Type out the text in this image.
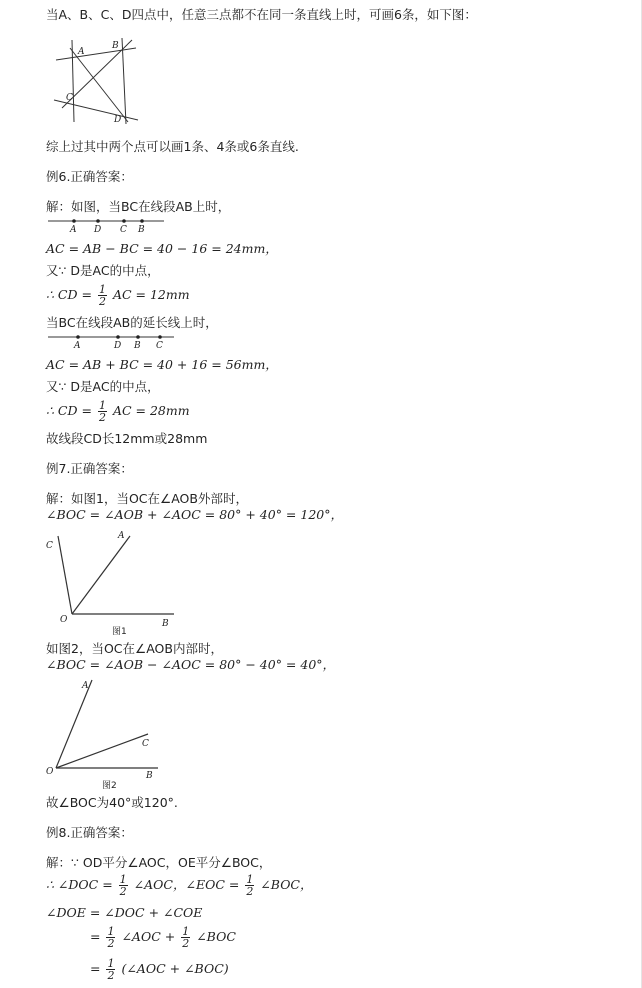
当A、B、C、D四点中，任意三点都不在同一条直线上时，可画6条，如下图：
A
B
C
D
综上过其中两个点可以画1条、4条或6条直线.
例6.正确答案：
解：如图，当BC在线段AB上时，
A D C B
AC = AB − BC = 40 − 16 = 24mm，
又∵ D是AC的中点，
∴ CD = $\frac{1}{2}$ AC = 12mm
当BC在线段AB的延长线上时，
A	D B C
AC = AB + BC = 40 + 16 = 56mm，
又∵ D是AC的中点，
∴ CD = $\frac{1}{2}$ AC = 28mm
故线段CD长12mm或28mm
例7.正确答案：
解：如图1，当OC在∠AOB外部时，
∠BOC = ∠AOB + ∠AOC = 80° + 40° = 120°，
C
A
O	B
图1
如图2，当OC在∠AOB内部时，
∠BOC = ∠AOB − ∠AOC = 80° − 40° = 40°，
A
C
O	B
图2
故∠BOC为40°或120°.
例8.正确答案：
解：∵ OD平分∠AOC，OE平分∠BOC，
∴ ∠DOC = $\frac{1}{2}$ ∠AOC，∠EOC = $\frac{1}{2}$ ∠BOC，
∠DOE = ∠DOC + ∠COE
= $\frac{1}{2}$ ∠AOC + $\frac{1}{2}$ ∠BOC
= $\frac{1}{2}$ (∠AOC + ∠BOC)
